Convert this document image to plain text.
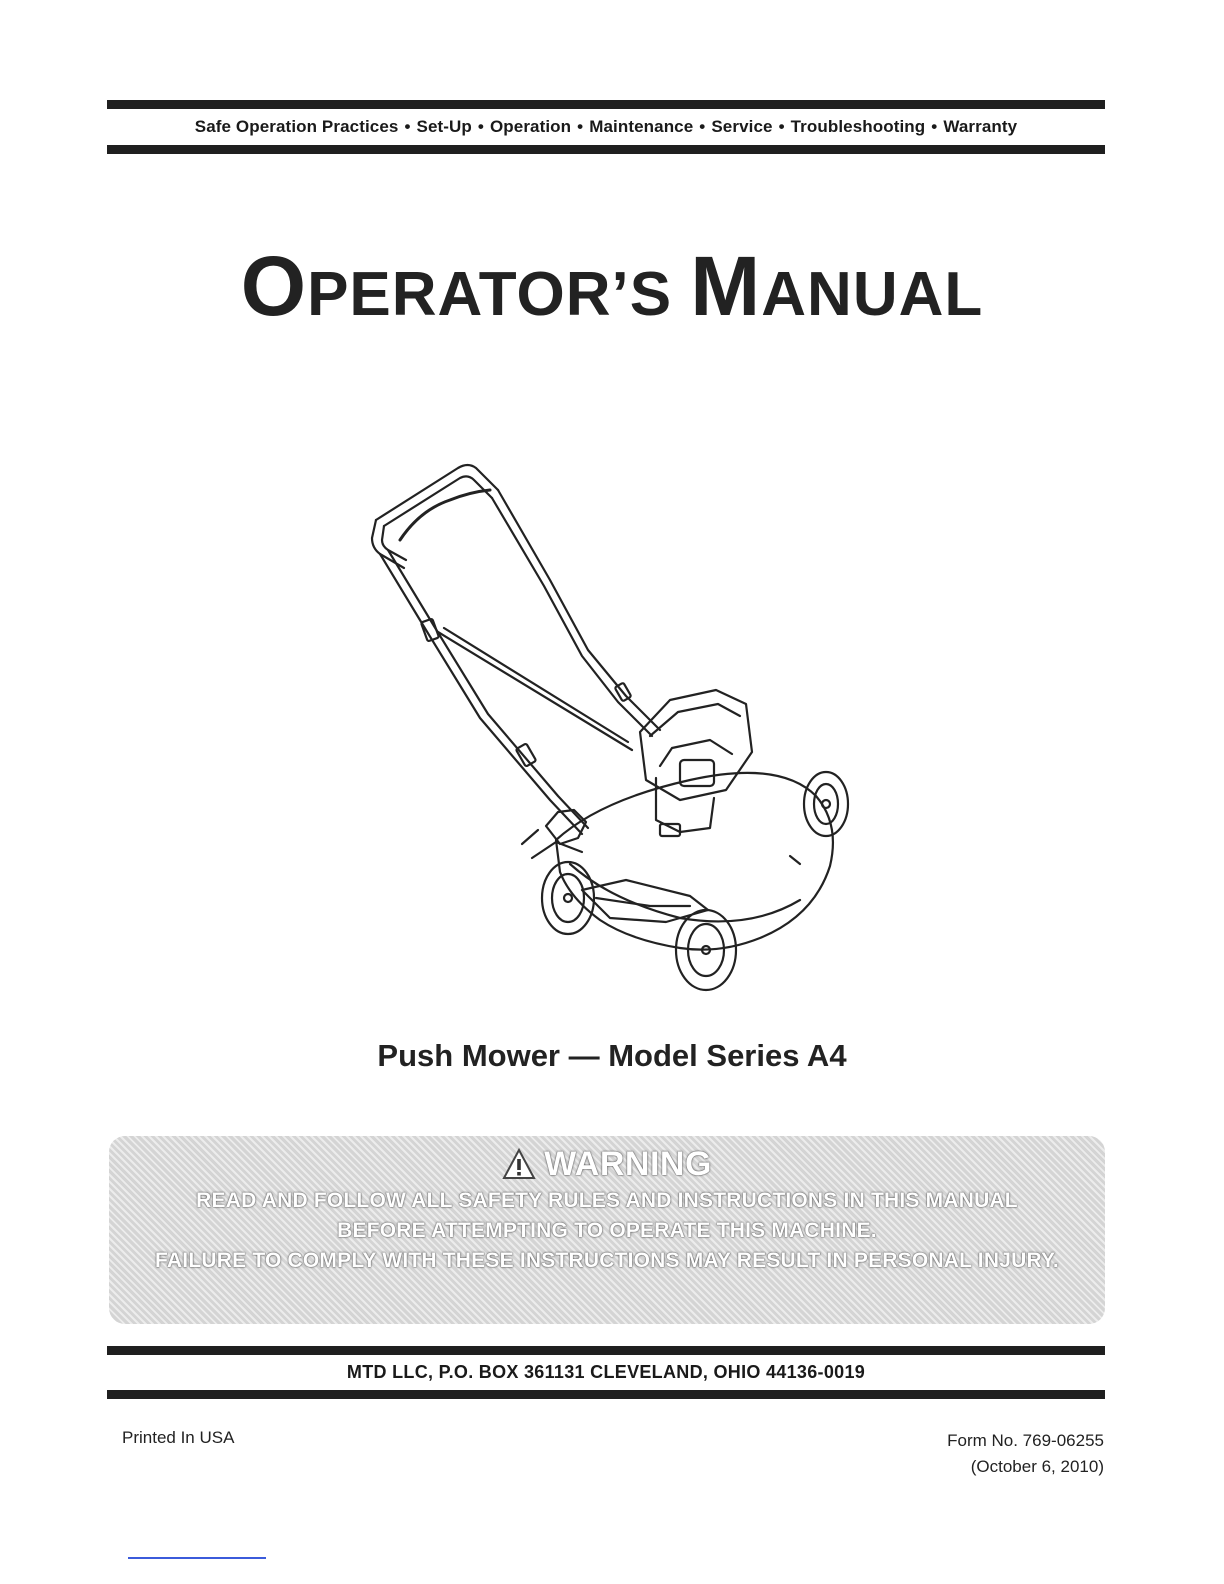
Safe Operation Practices • Set-Up • Operation • Maintenance • Service • Troubleshooting • Warranty
OPERATOR’S MANUAL
Push Mower — Model Series A4
WARNING
READ AND FOLLOW ALL SAFETY RULES AND INSTRUCTIONS IN THIS MANUAL
BEFORE ATTEMPTING TO OPERATE THIS MACHINE.
FAILURE TO COMPLY WITH THESE INSTRUCTIONS MAY RESULT IN PERSONAL INJURY.
MTD LLC, P.O. BOX 361131 CLEVELAND, OHIO 44136-0019
Printed In USA	Form No. 769-06255
(October 6, 2010)
